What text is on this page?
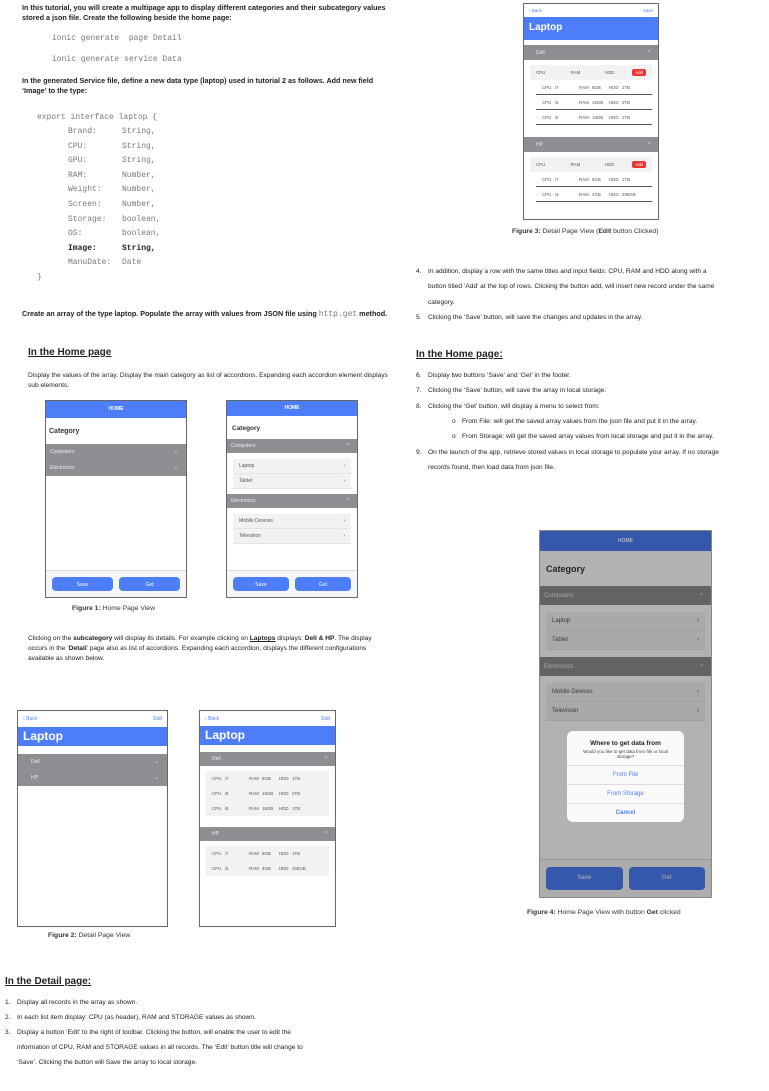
In this tutorial, you will create a multipage app to display different categories and their subcategory values stored a json file. Create the following beside the home page:
ionic generate  page Detail
ionic generate service Data
In the generated Service file, define a new data type (laptop) used in tutorial 2 as follows. Add new field ‘Image’ to the type:
export interface laptop {
Brand:	String,
CPU:	String,
GPU:	String,
RAM:	Number,
Weight:	Number,
Screen:	Number,
Storage: boolean,
OS:	boolean,
Image:	String,
ManuDate: Date
}
Create an array of the type laptop. Populate the array with values from JSON file using http.get method.
In the Home page
Display the values of the array. Display the main category as list of accordions. Expanding each accordion element displays sub elements.
HOME
Category
Computers	⌄
Electronics	⌄
Save	Get
HOME
Category
Computers	^
Laptop	›
Tablet	›
Electronics	^
Mobile Devices	›
Television	›
Save	Get
Figure 1: Home Page View
Clicking on the subcategory will display its details. For example clicking on Laptops displays: Dell & HP. The display occurs in the ‘Detail’ page also as list of accordions. Expanding each accordion, displays the different configurations available as shown below.
‹ Back	Edit
Laptop
Dell	⌄
HP	⌄
‹ Back	Edit
Laptop
Dell	^
CPU i7	RAM 8GB	HDD 1TB
CPU i5	RAM 16GB	HDD 2TB
CPU i5	RAM 16GB	HDD 1TB
HP	^
CPU i7	RAM 8GB	HDD 1TB
CPU i3	RAM 4GB	HDD 256GB
Figure 2: Detail Page View
In the Detail page:
1. Display all records in the array as shown.
2. In each list item display: CPU (as header), RAM and STORAGE values as shown.
3. Display a button ‘Edit’ to the right of toolbar. Clicking the button, will enable the user to edit the
information of CPU, RAM and STORAGE values in all records. The ‘Edit’ button title will change to
‘Save’. Clicking the button will Save the array to local storage.
‹ Back	Save
Laptop
Dell	^
CPU	RAM	HDD	Add
CPU i7	RAM 8GB	HDD 1TB
CPU i5	RAM 16GB	HDD 2TB
CPU i5	RAM 16GB	HDD 1TB
HP	^
CPU	RAM	HDD	Add
CPU i7	RAM 8GB	HDD 1TB
CPU i3	RAM 4GB	HDD 256GB
Figure 3: Detail Page View (Edit button Clicked)
4. In addition, display a row with the same titles and input fields: CPU, RAM and HDD along with a
button titled ‘Add’ at the top of rows. Clicking the button add, will insert new record under the same
category.
5. Clicking the ‘Save’ button, will save the changes and updates in the array.
In the Home page:
6. Display two buttons ‘Save’ and ‘Get’ in the footer.
7. Clicking the ‘Save’ button, will save the array in local storage.
8. Clicking the ‘Get’ button, will display a menu to select from:
o From File: will get the saved array values from the json file and put it in the array.
o From Storage: will get the saved array values from local storage and put it in the array.
9. On the launch of the app, retrieve stored values in local storage to populate your array. If no storage
records found, then load data from json file.
HOME
Category
Computers	^
Laptop	›
Tablet	›
Electronics	^
Mobile Devices	›
Television	›
Save	Get
Where to get data from
Would you like to get data from file or local storage?
From File
From Storage
Cancel
Figure 4: Home Page View with button Get clicked
